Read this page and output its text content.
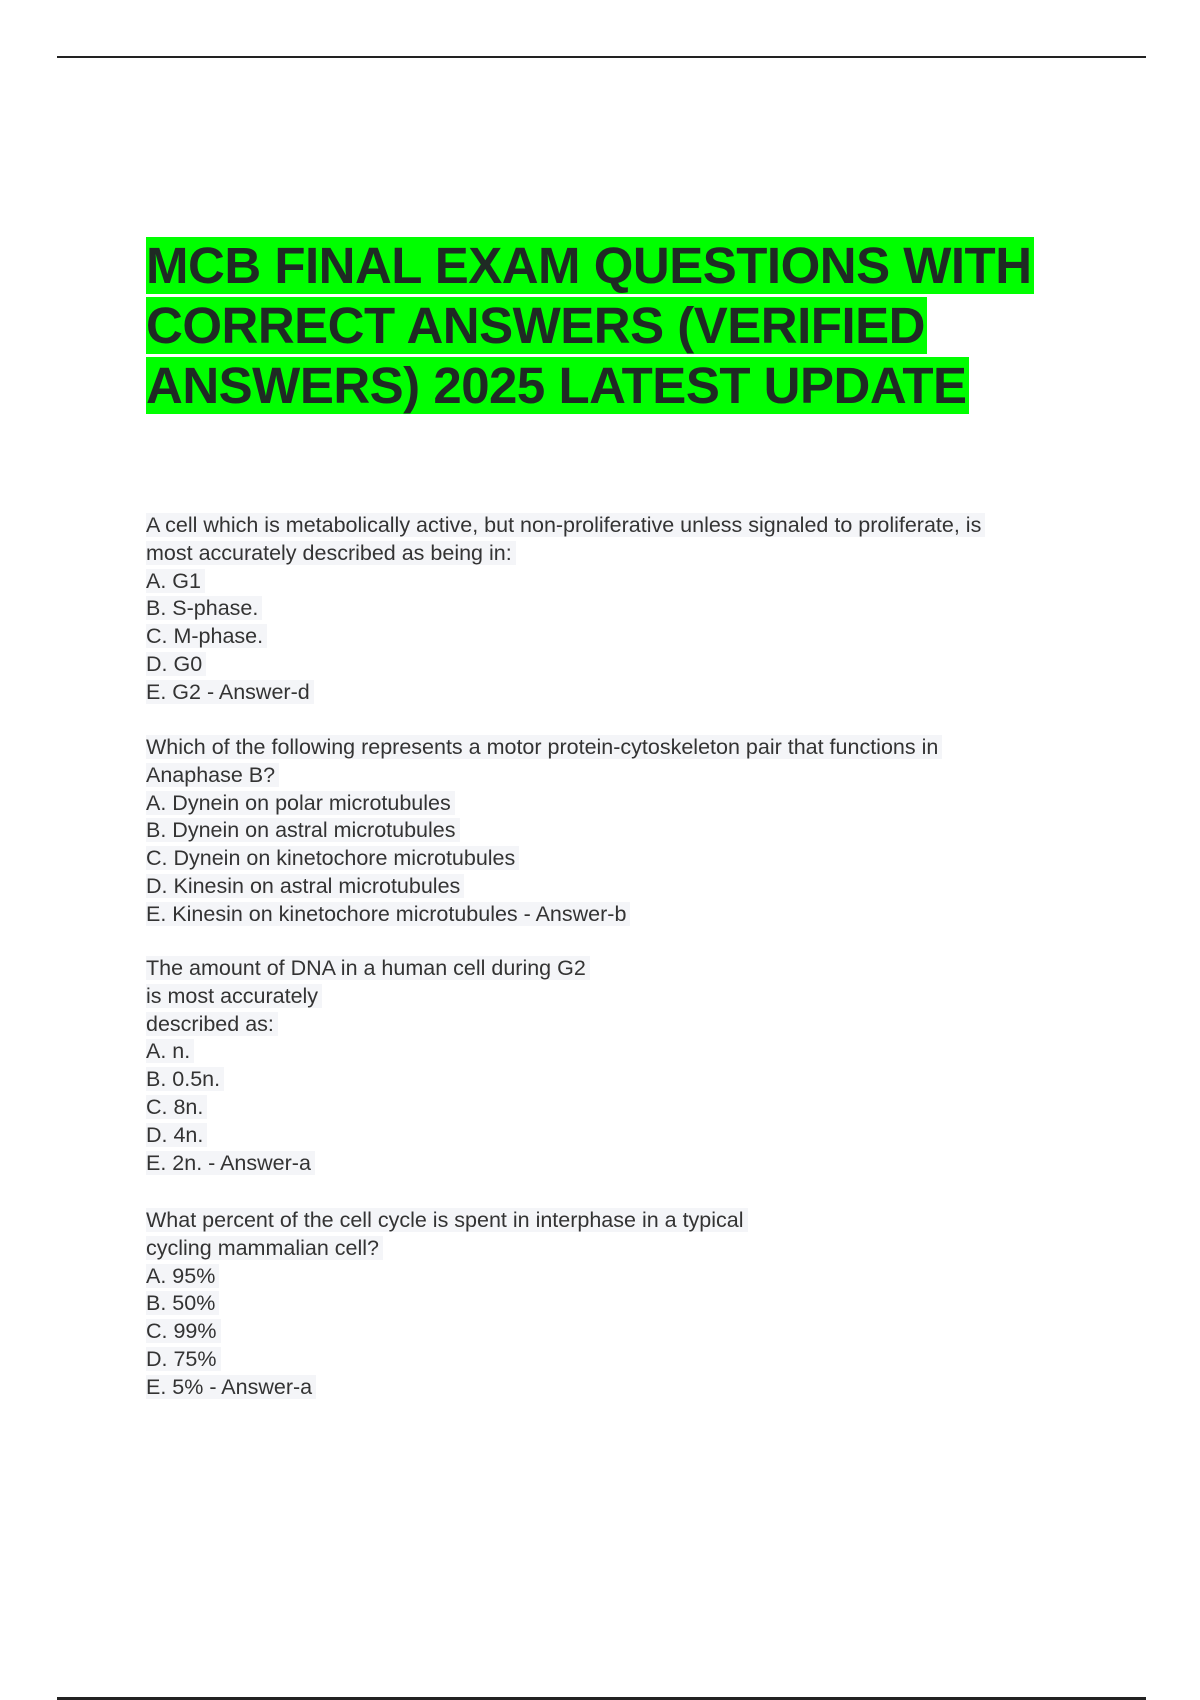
MCB FINAL EXAM QUESTIONS WITH
CORRECT ANSWERS (VERIFIED
ANSWERS) 2025 LATEST UPDATE
A cell which is metabolically active, but non-proliferative unless signaled to proliferate, is
most accurately described as being in:
A. G1
B. S-phase.
C. M-phase.
D. G0
E. G2 - Answer-d
Which of the following represents a motor protein-cytoskeleton pair that functions in
Anaphase B?
A. Dynein on polar microtubules
B. Dynein on astral microtubules
C. Dynein on kinetochore microtubules
D. Kinesin on astral microtubules
E. Kinesin on kinetochore microtubules - Answer-b
The amount of DNA in a human cell during G2
is most accurately
described as:
A. n.
B. 0.5n.
C. 8n.
D. 4n.
E. 2n. - Answer-a
What percent of the cell cycle is spent in interphase in a typical
cycling mammalian cell?
A. 95%
B. 50%
C. 99%
D. 75%
E. 5% - Answer-a
